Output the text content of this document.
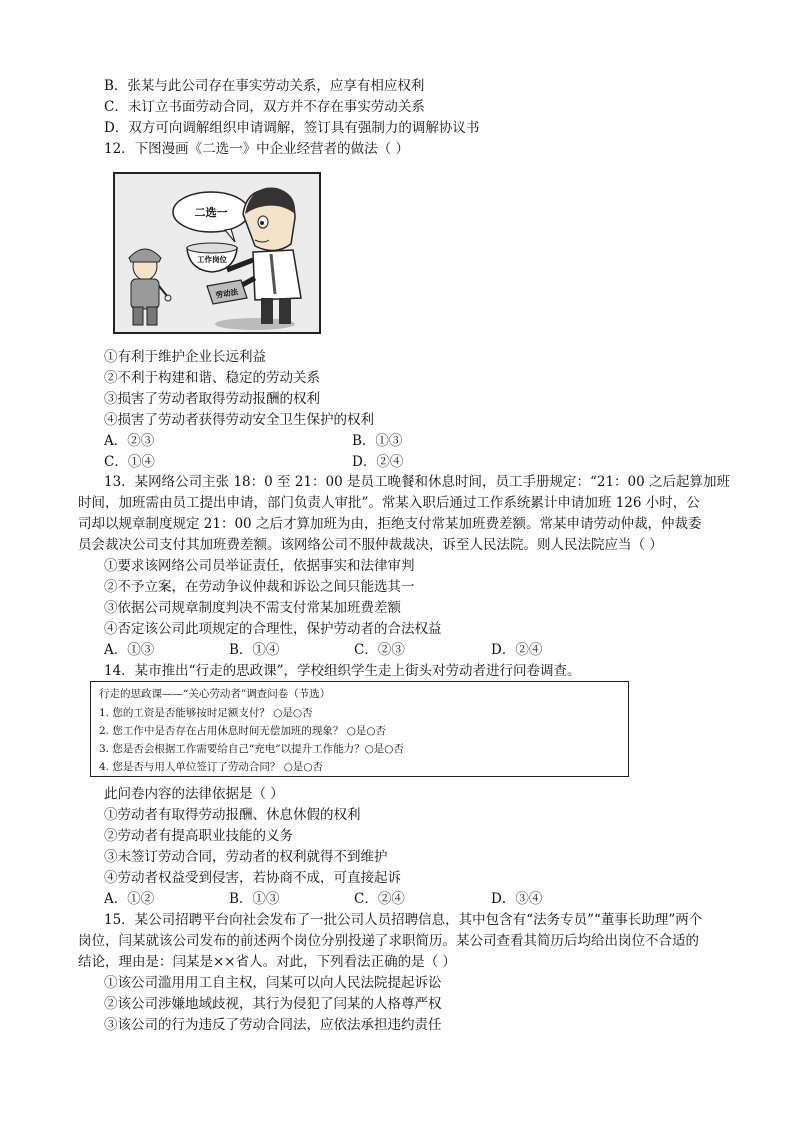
B．张某与此公司存在事实劳动关系，应享有相应权利
C．未订立书面劳动合同，双方并不存在事实劳动关系
D．双方可向调解组织申请调解，签订具有强制力的调解协议书
12．下图漫画《二选一》中企业经营者的做法（ ）
二选一
工作岗位
劳动法
①有利于维护企业长远利益
②不利于构建和谐、稳定的劳动关系
③损害了劳动者取得劳动报酬的权利
④损害了劳动者获得劳动安全卫生保护的权利
A．②③	B．①③
C．①④	D．②④
13．某网络公司主张 18：0 至 21：00 是员工晚餐和休息时间，员工手册规定：“21：00 之后起算加班
时间，加班需由员工提出申请，部门负责人审批”。常某入职后通过工作系统累计申请加班 126 小时，公
司却以规章制度规定 21：00 之后才算加班为由，拒绝支付常某加班费差额。常某申请劳动仲裁，仲裁委
员会裁决公司支付其加班费差额。该网络公司不服仲裁裁决，诉至人民法院。则人民法院应当（ ）
①要求该网络公司员举证责任，依据事实和法律审判
②不予立案，在劳动争议仲裁和诉讼之间只能选其一
③依据公司规章制度判决不需支付常某加班费差额
④否定该公司此项规定的合理性，保护劳动者的合法权益
A．①③	B．①④	C．②③	D．②④
14．某市推出“行走的思政课”，学校组织学生走上街头对劳动者进行问卷调查。
行走的思政课——“关心劳动者”调查问卷（节选）
1. 您的工资是否能够按时足额支付？ ○是○否
2. 您工作中是否存在占用休息时间无偿加班的现象？ ○是○否
3. 您是否会根据工作需要给自己“充电”以提升工作能力？○是○否
4. 您是否与用人单位签订了劳动合同？ ○是○否
此问卷内容的法律依据是（ ）
①劳动者有取得劳动报酬、休息休假的权利
②劳动者有提高职业技能的义务
③未签订劳动合同，劳动者的权利就得不到维护
④劳动者权益受到侵害，若协商不成，可直接起诉
A．①②	B．①③	C．②④	D．③④
15．某公司招聘平台向社会发布了一批公司人员招聘信息，其中包含有“法务专员”“董事长助理”两个
岗位，闫某就该公司发布的前述两个岗位分别投递了求职简历。某公司查看其简历后均给出岗位不合适的
结论，理由是：闫某是××省人。对此，下列看法正确的是（ ）
①该公司滥用用工自主权，闫某可以向人民法院提起诉讼
②该公司涉嫌地域歧视，其行为侵犯了闫某的人格尊严权
③该公司的行为违反了劳动合同法，应依法承担违约责任
